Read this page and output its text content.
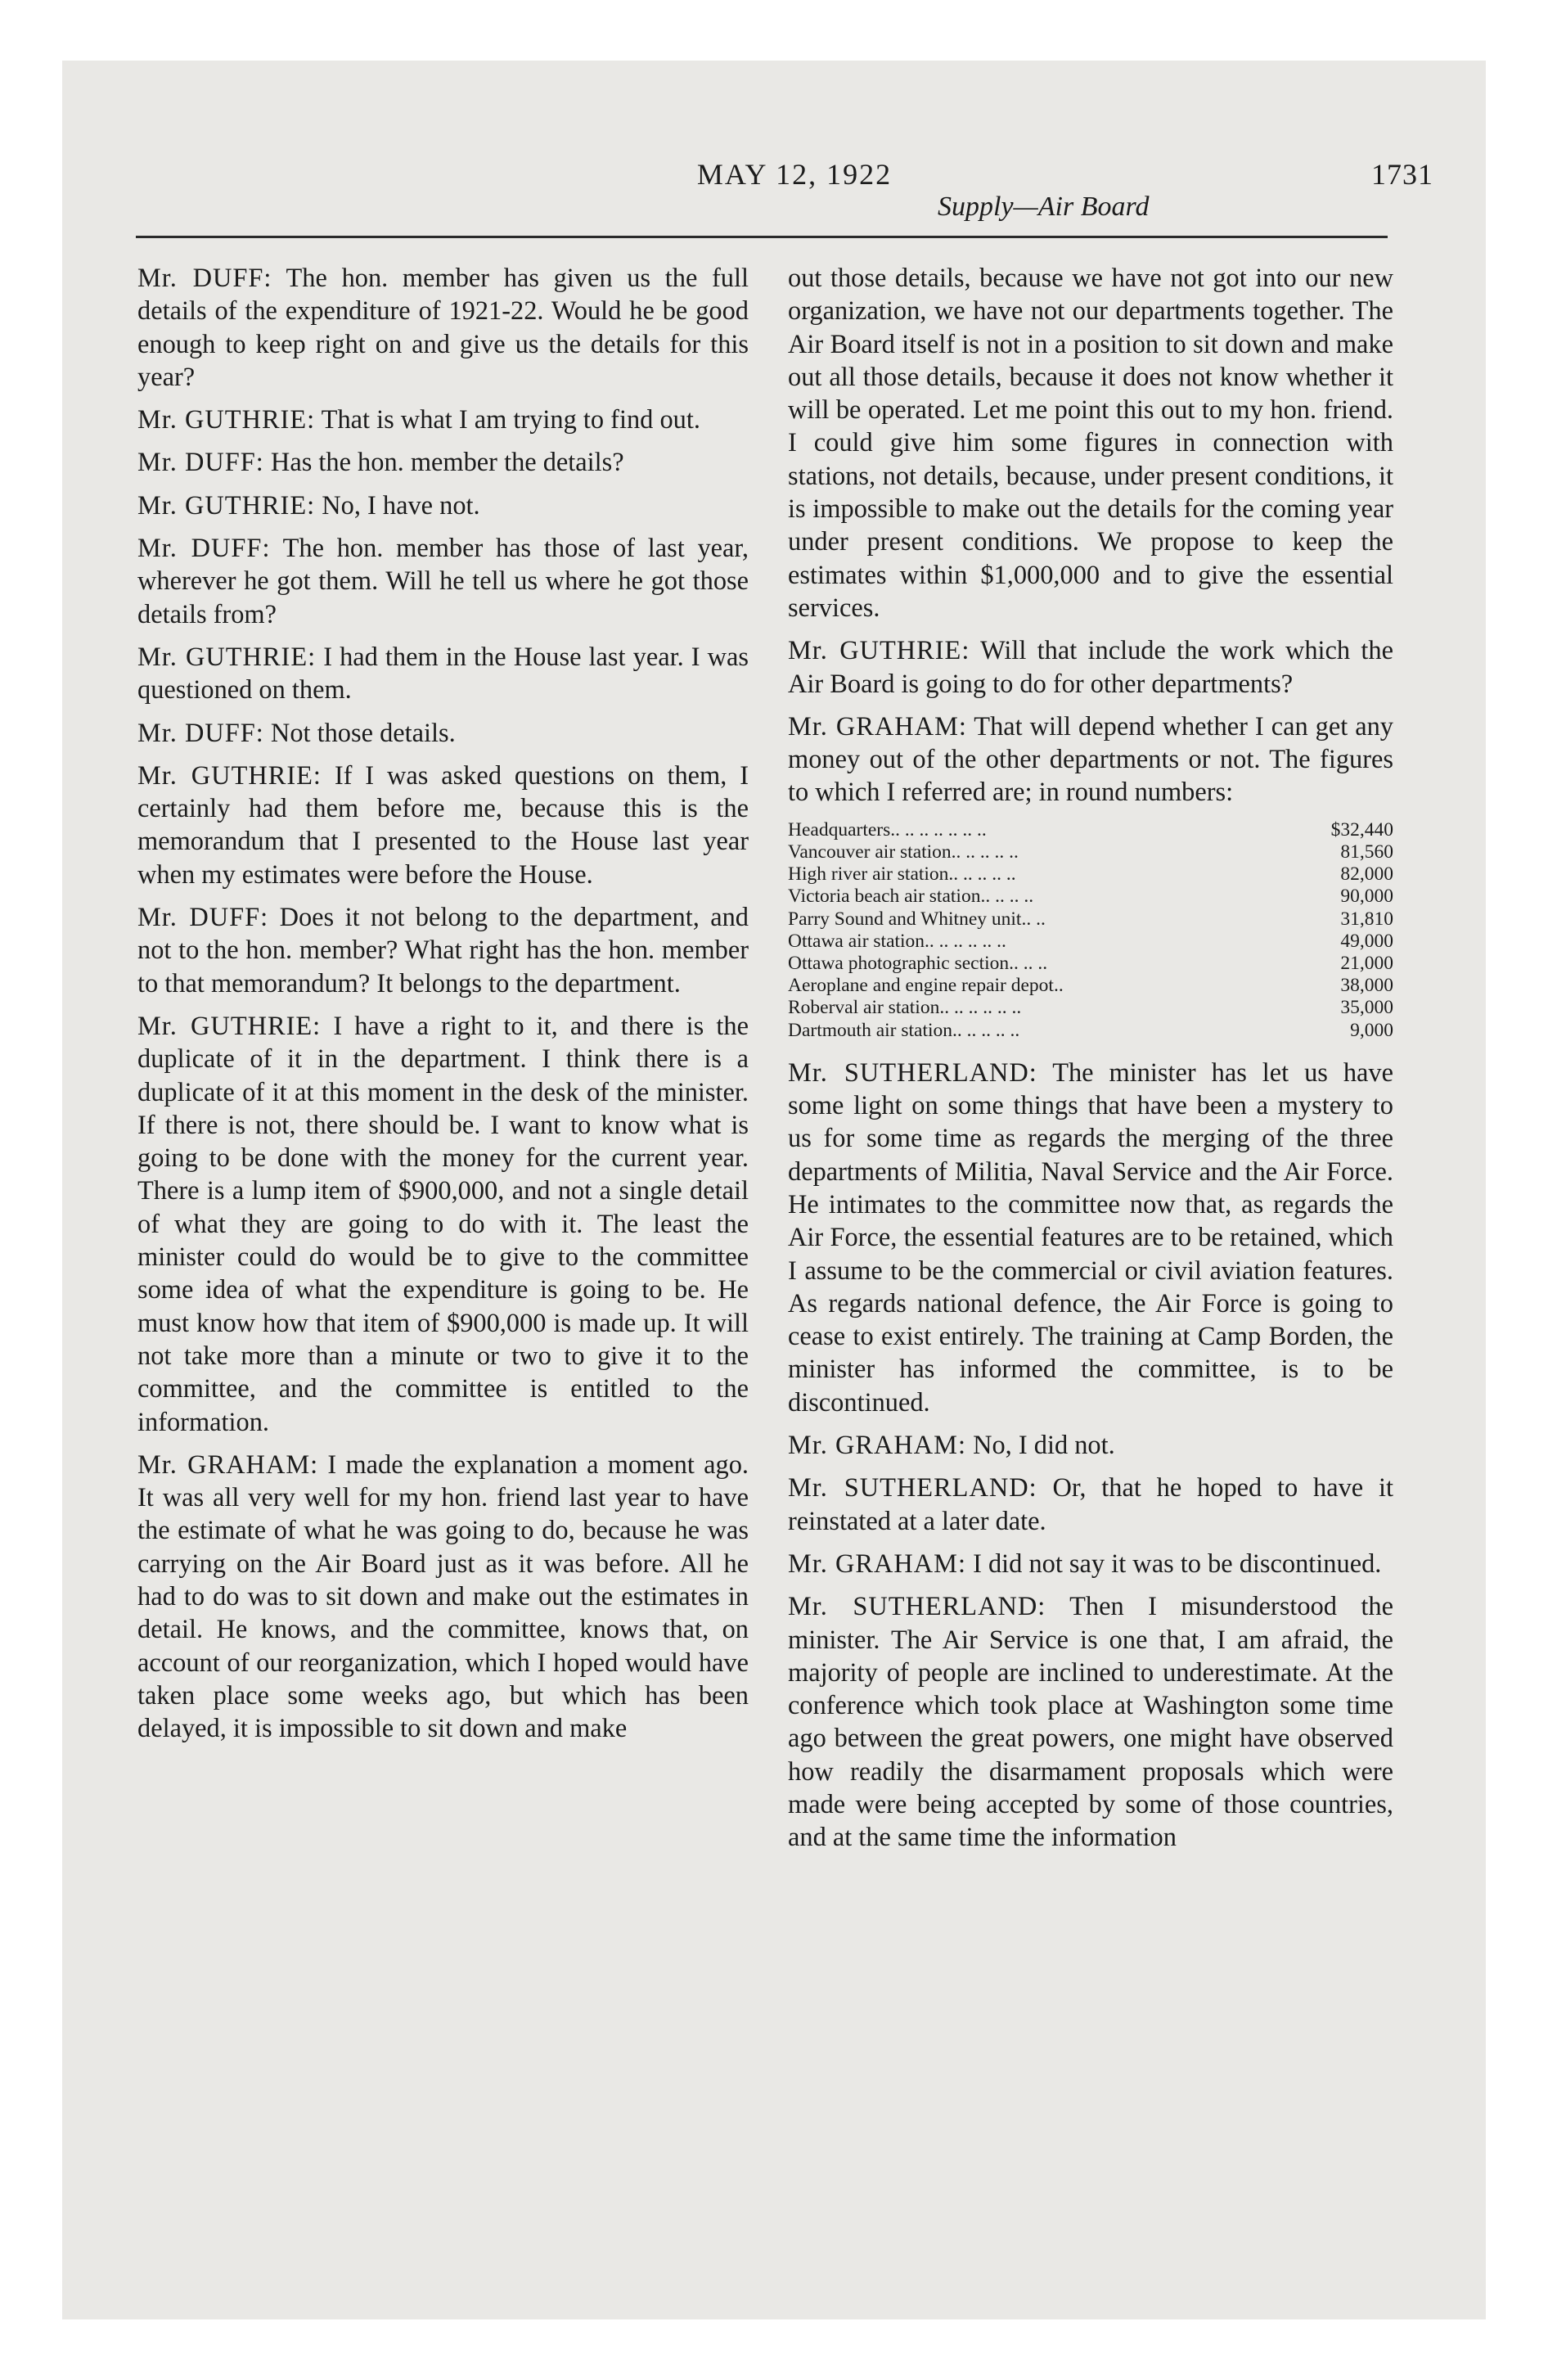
MAY 12, 1922	1731
Supply—Air Board

Mr. DUFF: The hon. member has given us the full details of the expenditure of 1921-22. Would he be good enough to keep right on and give us the details for this year?

Mr. GUTHRIE: That is what I am trying to find out.

Mr. DUFF: Has the hon. member the details?

Mr. GUTHRIE: No, I have not.

Mr. DUFF: The hon. member has those of last year, wherever he got them. Will he tell us where he got those details from?

Mr. GUTHRIE: I had them in the House last year. I was questioned on them.

Mr. DUFF: Not those details.

Mr. GUTHRIE: If I was asked questions on them, I certainly had them before me, because this is the memorandum that I presented to the House last year when my estimates were before the House.

Mr. DUFF: Does it not belong to the department, and not to the hon. member? What right has the hon. member to that memorandum? It belongs to the department.

Mr. GUTHRIE: I have a right to it, and there is the duplicate of it in the department. I think there is a duplicate of it at this moment in the desk of the minister. If there is not, there should be. I want to know what is going to be done with the money for the current year. There is a lump item of $900,000, and not a single detail of what they are going to do with it. The least the minister could do would be to give to the committee some idea of what the expenditure is going to be. He must know how that item of $900,000 is made up. It will not take more than a minute or two to give it to the committee, and the committee is entitled to the information.

Mr. GRAHAM: I made the explanation a moment ago. It was all very well for my hon. friend last year to have the estimate of what he was going to do, because he was carrying on the Air Board just as it was before. All he had to do was to sit down and make out the estimates in detail. He knows, and the committee, knows that, on account of our reorganization, which I hoped would have taken place some weeks ago, but which has been delayed, it is impossible to sit down and make

out those details, because we have not got into our new organization, we have not our departments together. The Air Board itself is not in a position to sit down and make out all those details, because it does not know whether it will be operated. Let me point this out to my hon. friend. I could give him some figures in connection with stations, not details, because, under present conditions, it is impossible to make out the details for the coming year under present conditions. We propose to keep the estimates within $1,000,000 and to give the essential services.

Mr. GUTHRIE: Will that include the work which the Air Board is going to do for other departments?

Mr. GRAHAM: That will depend whether I can get any money out of the other departments or not. The figures to which I referred are; in round numbers:

Headquarters.. .. .. .. .. .. ..	$32,440
Vancouver air station.. .. .. .. ..	81,560
High river air station.. .. .. .. ..	82,000
Victoria beach air station.. .. .. ..	90,000
Parry Sound and Whitney unit.. ..	31,810
Ottawa air station.. .. .. .. .. ..	49,000
Ottawa photographic section.. .. ..	21,000
Aeroplane and engine repair depot..	38,000
Roberval air station.. .. .. .. .. ..	35,000
Dartmouth air station.. .. .. .. ..	9,000

Mr. SUTHERLAND: The minister has let us have some light on some things that have been a mystery to us for some time as regards the merging of the three departments of Militia, Naval Service and the Air Force. He intimates to the committee now that, as regards the Air Force, the essential features are to be retained, which I assume to be the commercial or civil aviation features. As regards national defence, the Air Force is going to cease to exist entirely. The training at Camp Borden, the minister has informed the committee, is to be discontinued.

Mr. GRAHAM: No, I did not.

Mr. SUTHERLAND: Or, that he hoped to have it reinstated at a later date.

Mr. GRAHAM: I did not say it was to be discontinued.

Mr. SUTHERLAND: Then I misunderstood the minister. The Air Service is one that, I am afraid, the majority of people are inclined to underestimate. At the conference which took place at Washington some time ago between the great powers, one might have observed how readily the disarmament proposals which were made were being accepted by some of those countries, and at the same time the information
